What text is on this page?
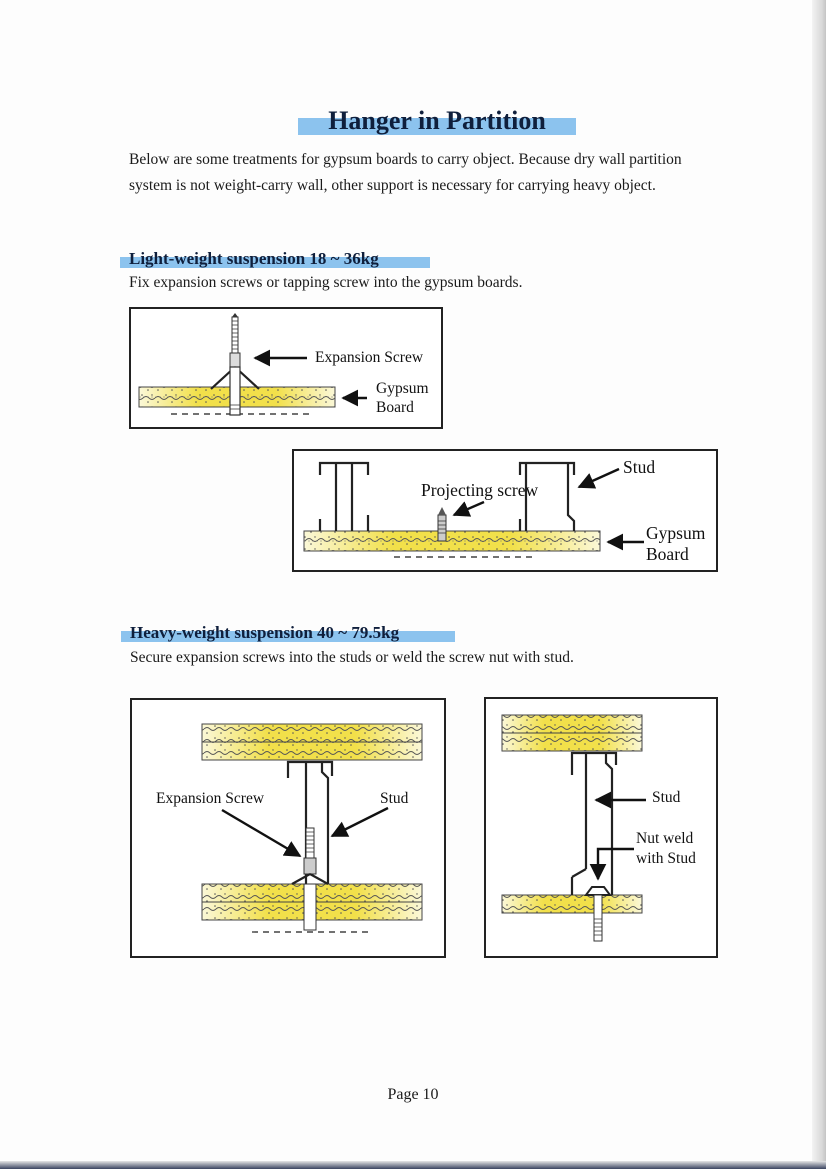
Hanger in Partition

Below are some treatments for gypsum boards to carry object. Because dry wall partition system is not weight-carry wall, other support is necessary for carrying heavy object.

Light-weight suspension 18 ~ 36kg

Fix expansion screws or tapping screw into the gypsum boards.

Expansion Screw
Gypsum
Board
Projecting screw
Stud
Gypsum
Board
Heavy-weight suspension 40 ~ 79.5kg

Secure expansion screws into the studs or weld the screw nut with stud.

Expansion Screw	Stud	Stud
Nut weld
with Stud
Page 10
